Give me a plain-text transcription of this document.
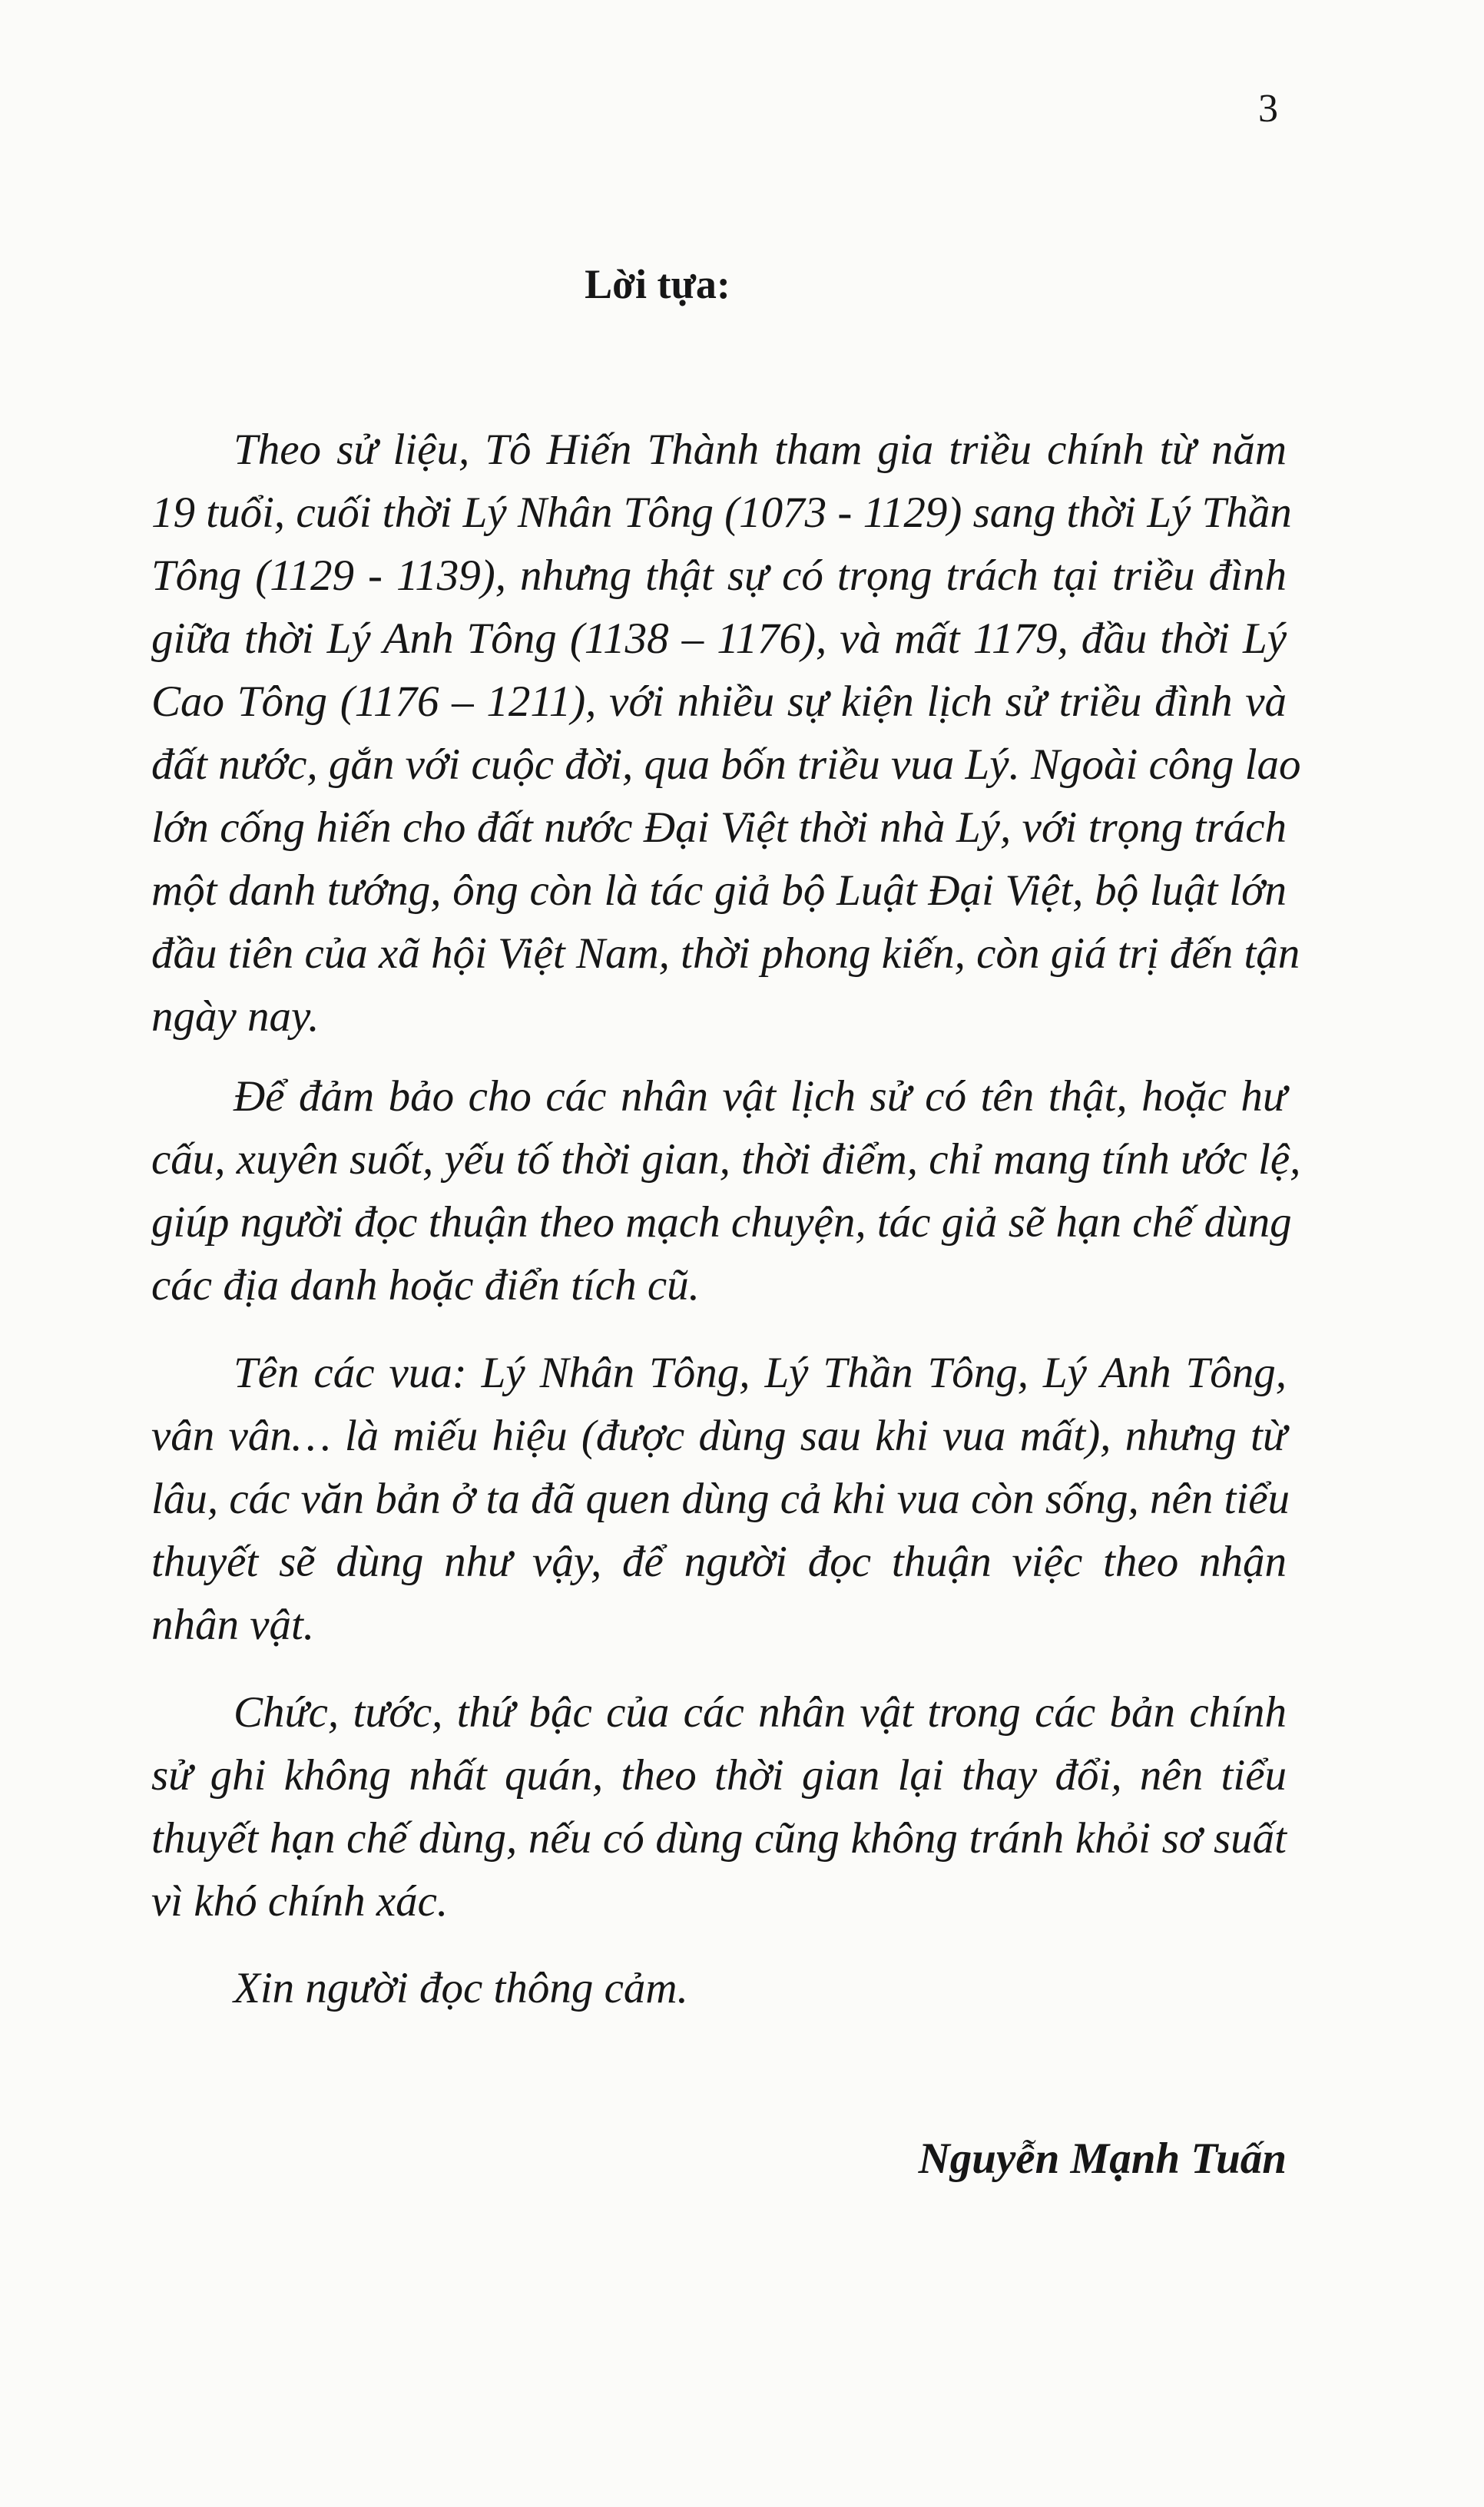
3
Lời tựa:
Theo sử liệu, Tô Hiến Thành tham gia triều chính từ năm
19 tuổi, cuối thời Lý Nhân Tông (1073 - 1129) sang thời Lý Thần
Tông (1129 - 1139), nhưng thật sự có trọng trách tại triều đình
giữa thời Lý Anh Tông (1138 – 1176), và mất 1179, đầu thời Lý
Cao Tông (1176 – 1211), với nhiều sự kiện lịch sử triều đình và
đất nước, gắn với cuộc đời, qua bốn triều vua Lý. Ngoài công lao
lớn cống hiến cho đất nước Đại Việt thời nhà Lý, với trọng trách
một danh tướng, ông còn là tác giả bộ Luật Đại Việt, bộ luật lớn
đầu tiên của xã hội Việt Nam, thời phong kiến, còn giá trị đến tận
ngày nay.
Để đảm bảo cho các nhân vật lịch sử có tên thật, hoặc hư
cấu, xuyên suốt, yếu tố thời gian, thời điểm, chỉ mang tính ước lệ,
giúp người đọc thuận theo mạch chuyện, tác giả sẽ hạn chế dùng
các địa danh hoặc điển tích cũ.
Tên các vua: Lý Nhân Tông, Lý Thần Tông, Lý Anh Tông,
vân vân… là miếu hiệu (được dùng sau khi vua mất), nhưng từ
lâu, các văn bản ở ta đã quen dùng cả khi vua còn sống, nên tiểu
thuyết sẽ dùng như vậy, để người đọc thuận việc theo nhận
nhân vật.
Chức, tước, thứ bậc của các nhân vật trong các bản chính
sử ghi không nhất quán, theo thời gian lại thay đổi, nên tiểu
thuyết hạn chế dùng, nếu có dùng cũng không tránh khỏi sơ suất
vì khó chính xác.
Xin người đọc thông cảm.
Nguyễn Mạnh Tuấn
